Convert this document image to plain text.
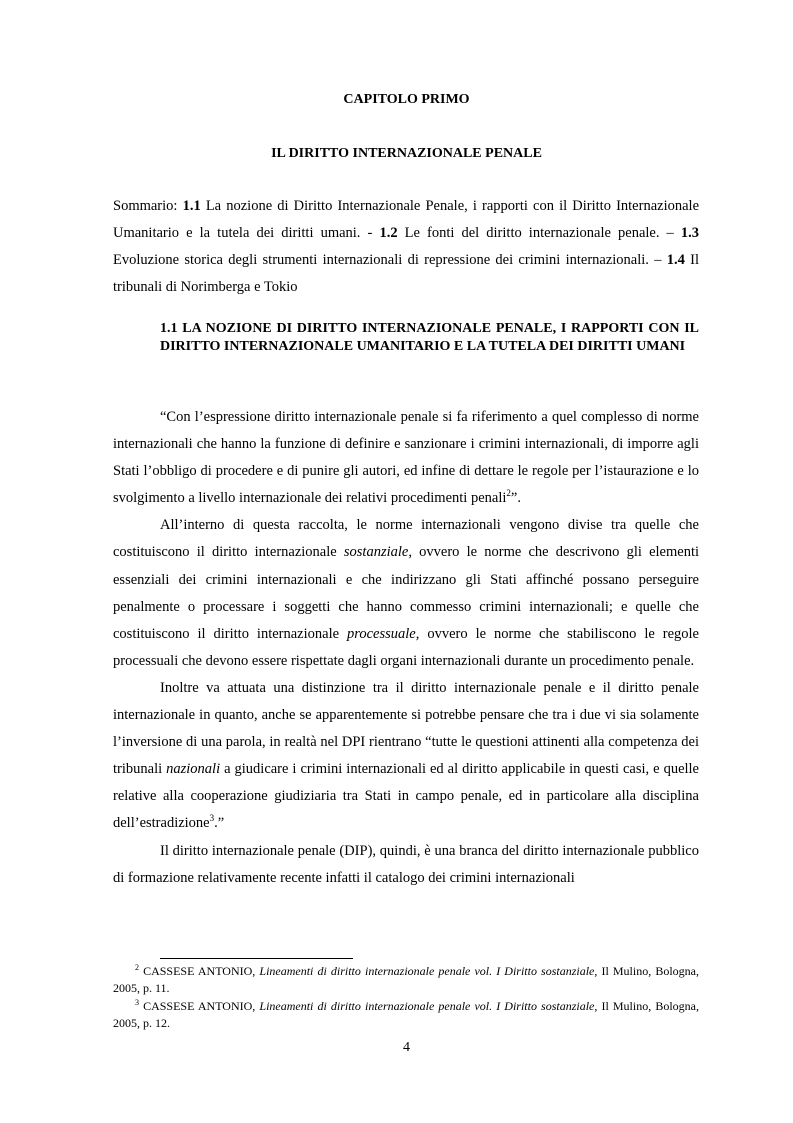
CAPITOLO PRIMO
IL DIRITTO INTERNAZIONALE PENALE
Sommario: 1.1 La nozione di Diritto Internazionale Penale, i rapporti con il Diritto Internazionale Umanitario e la tutela dei diritti umani. - 1.2 Le fonti del diritto internazionale penale. – 1.3 Evoluzione storica degli strumenti internazionali di repressione dei crimini internazionali. – 1.4 Il tribunali di Norimberga e Tokio
1.1 LA NOZIONE DI DIRITTO INTERNAZIONALE PENALE, I RAPPORTI CON IL DIRITTO INTERNAZIONALE UMANITARIO E LA TUTELA DEI DIRITTI UMANI

“Con l’espressione diritto internazionale penale si fa riferimento a quel complesso di norme internazionali che hanno la funzione di definire e sanzionare i crimini internazionali, di imporre agli Stati l’obbligo di procedere e di punire gli autori, ed infine di dettare le regole per l’istaurazione e lo svolgimento a livello internazionale dei relativi procedimenti penali$^2$”.

All’interno di questa raccolta, le norme internazionali vengono divise tra quelle che costituiscono il diritto internazionale sostanziale, ovvero le norme che descrivono gli elementi essenziali dei crimini internazionali e che indirizzano gli Stati affinché possano perseguire penalmente o processare i soggetti che hanno commesso crimini internazionali; e quelle che costituiscono il diritto internazionale processuale, ovvero le norme che stabiliscono le regole processuali che devono essere rispettate dagli organi internazionali durante un procedimento penale.

Inoltre va attuata una distinzione tra il diritto internazionale penale e il diritto penale internazionale in quanto, anche se apparentemente si potrebbe pensare che tra i due vi sia solamente l’inversione di una parola, in realtà nel DPI rientrano “tutte le questioni attinenti alla competenza dei tribunali nazionali a giudicare i crimini internazionali ed al diritto applicabile in questi casi, e quelle relative alla cooperazione giudiziaria tra Stati in campo penale, ed in particolare alla disciplina dell’estradizione$^3$.”

Il diritto internazionale penale (DIP), quindi, è una branca del diritto internazionale pubblico di formazione relativamente recente infatti il catalogo dei crimini internazionali

$^2$ CASSESE ANTONIO, Lineamenti di diritto internazionale penale vol. I Diritto sostanziale, Il Mulino, Bologna, 2005, p. 11.

$^3$ CASSESE ANTONIO, Lineamenti di diritto internazionale penale vol. I Diritto sostanziale, Il Mulino, Bologna, 2005, p. 12.

4
